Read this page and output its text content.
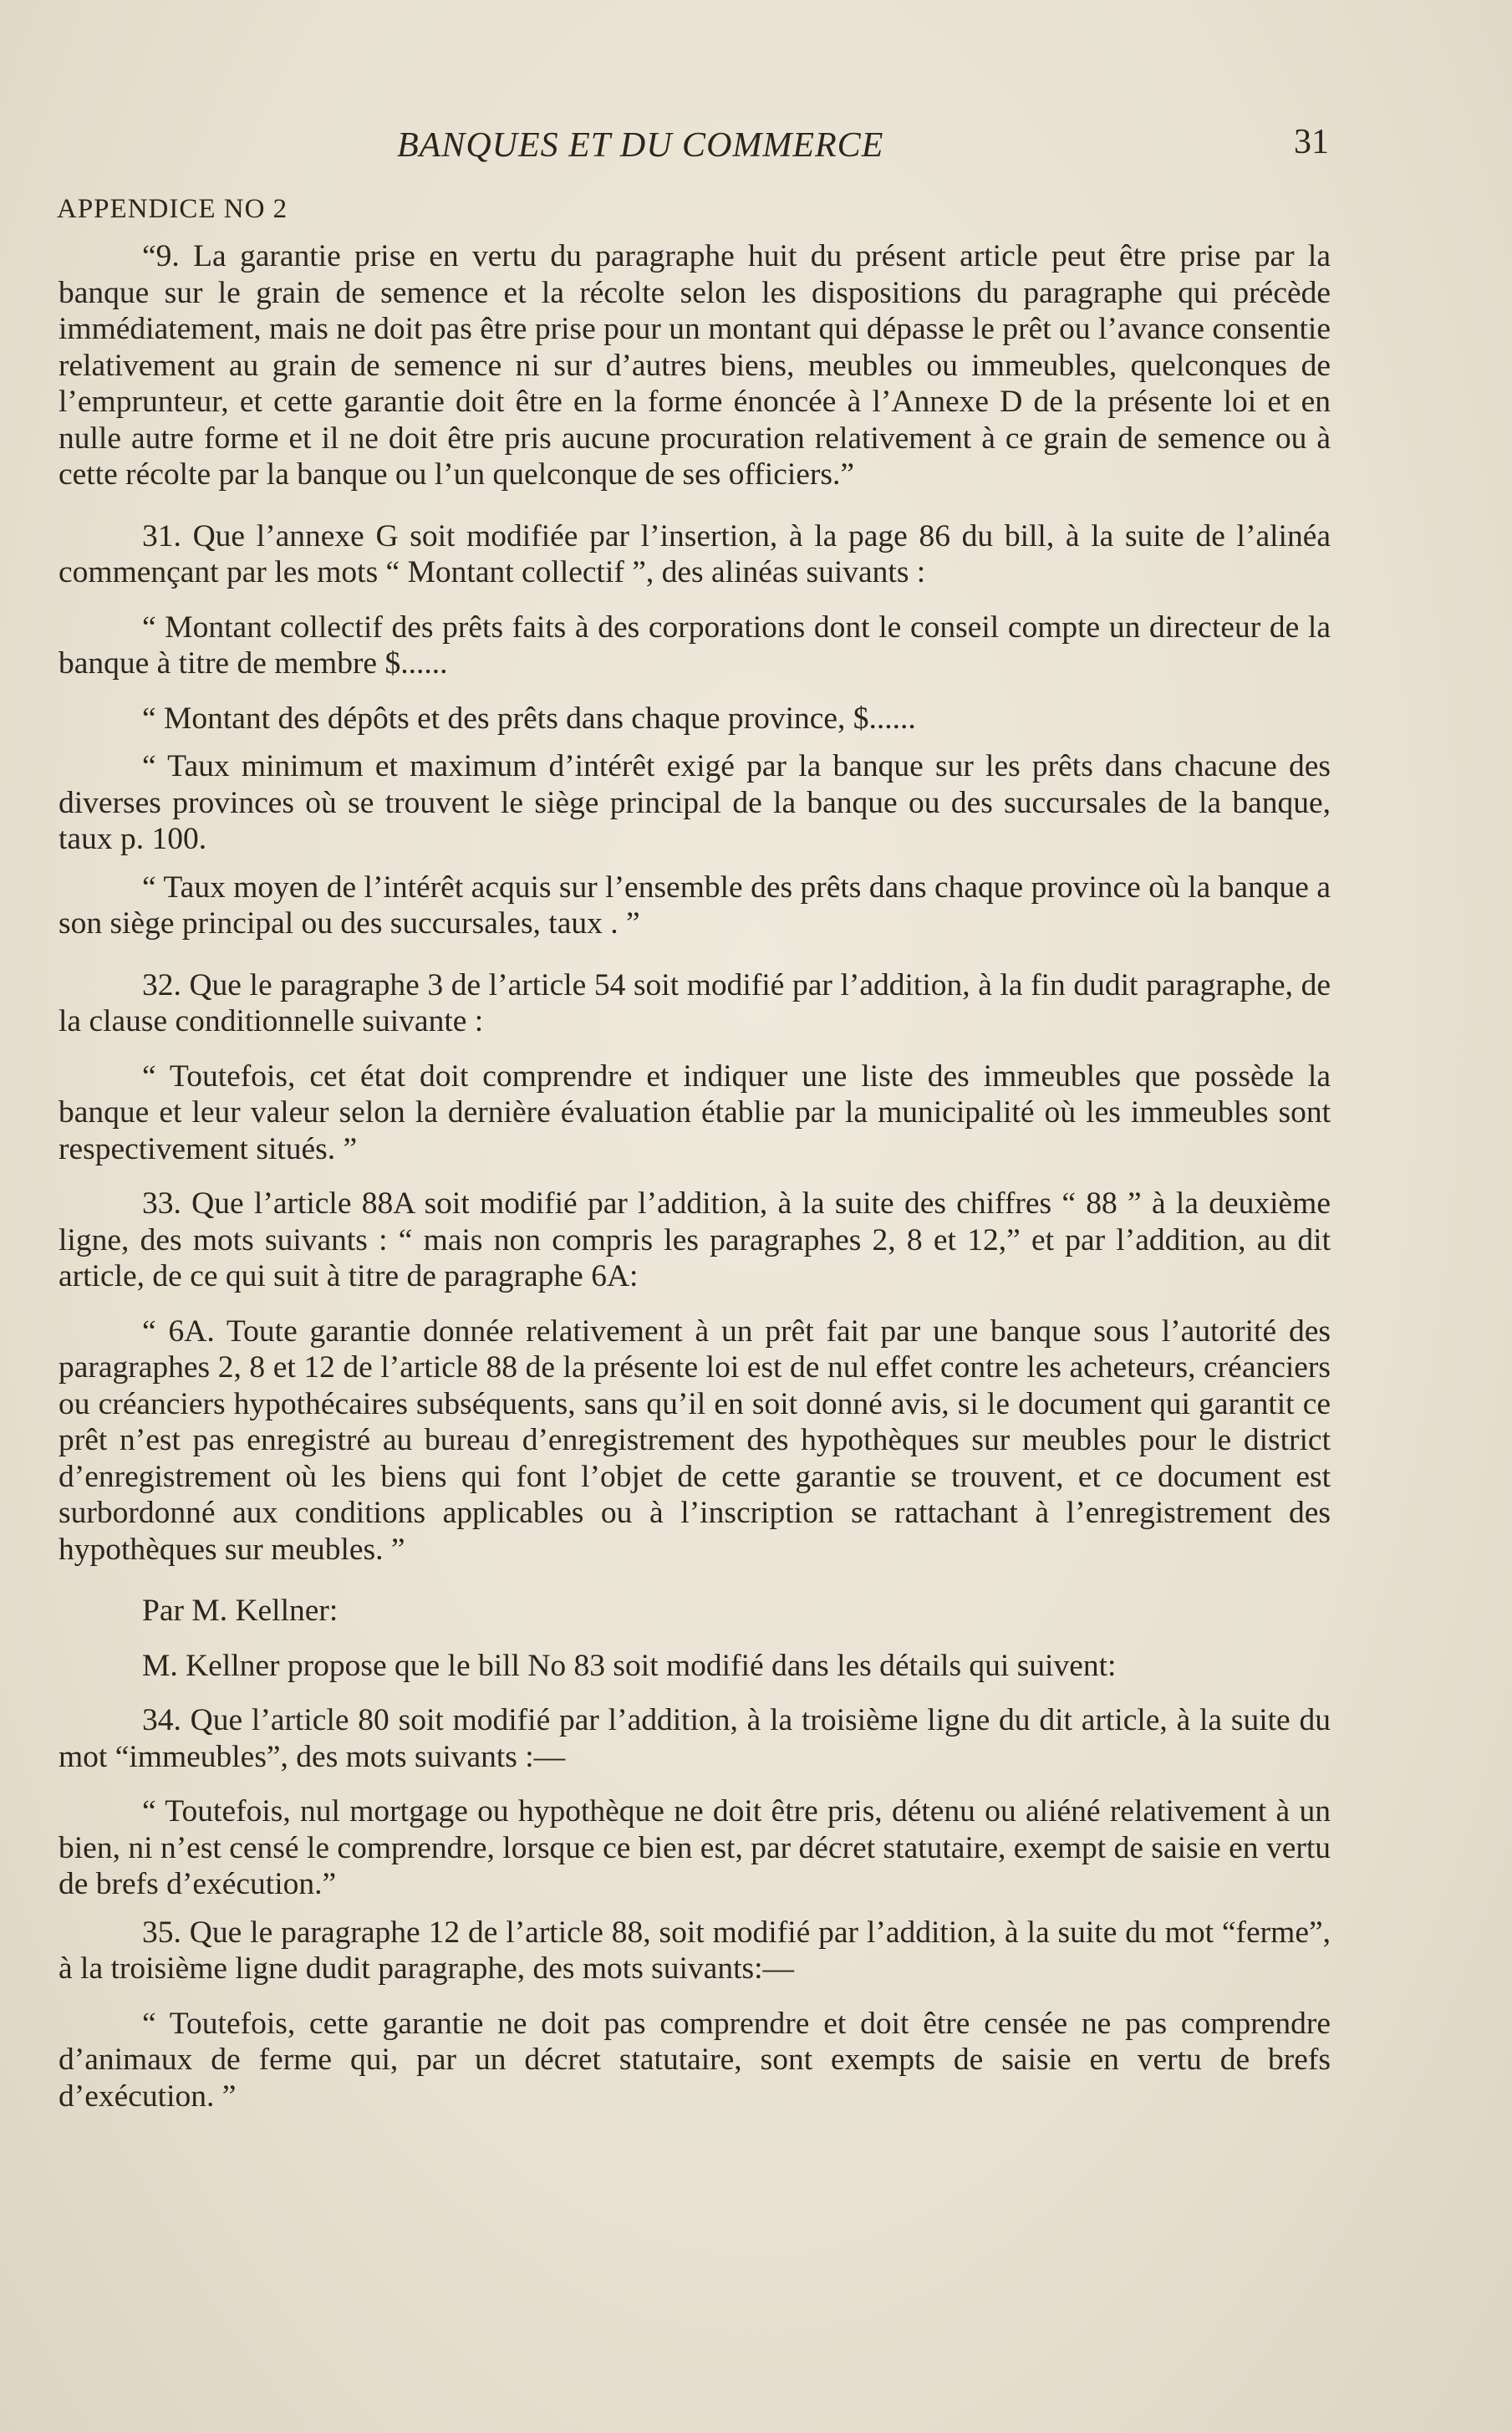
BANQUES ET DU COMMERCE	31
APPENDICE NO 2

“9. La garantie prise en vertu du paragraphe huit du présent article peut être prise par la banque sur le grain de semence et la récolte selon les dispositions du paragraphe qui précède immédiatement, mais ne doit pas être prise pour un montant qui dépasse le prêt ou l’avance consentie relativement au grain de semence ni sur d’autres biens, meubles ou immeubles, quelconques de l’emprunteur, et cette garantie doit être en la forme énoncée à l’Annexe D de la présente loi et en nulle autre forme et il ne doit être pris aucune procuration relativement à ce grain de semence ou à cette récolte par la banque ou l’un quelconque de ses officiers.”

31. Que l’annexe G soit modifiée par l’insertion, à la page 86 du bill, à la suite de l’alinéa commençant par les mots “ Montant collectif ”, des alinéas suivants :

“ Montant collectif des prêts faits à des corporations dont le conseil compte un directeur de la banque à titre de membre $......

“ Montant des dépôts et des prêts dans chaque province, $......

“ Taux minimum et maximum d’intérêt exigé par la banque sur les prêts dans chacune des diverses provinces où se trouvent le siège principal de la banque ou des succursales de la banque, taux p. 100.

“ Taux moyen de l’intérêt acquis sur l’ensemble des prêts dans chaque province où la banque a son siège principal ou des succursales, taux . ”

32. Que le paragraphe 3 de l’article 54 soit modifié par l’addition, à la fin dudit paragraphe, de la clause conditionnelle suivante :

“ Toutefois, cet état doit comprendre et indiquer une liste des immeubles que possède la banque et leur valeur selon la dernière évaluation établie par la municipalité où les immeubles sont respectivement situés. ”

33. Que l’article 88A soit modifié par l’addition, à la suite des chiffres “ 88 ” à la deuxième ligne, des mots suivants : “ mais non compris les paragraphes 2, 8 et 12,” et par l’addition, au dit article, de ce qui suit à titre de paragraphe 6A:

“ 6A. Toute garantie donnée relativement à un prêt fait par une banque sous l’autorité des paragraphes 2, 8 et 12 de l’article 88 de la présente loi est de nul effet contre les acheteurs, créanciers ou créanciers hypothécaires subséquents, sans qu’il en soit donné avis, si le document qui garantit ce prêt n’est pas enregistré au bureau d’enregistrement des hypothèques sur meubles pour le district d’enregistrement où les biens qui font l’objet de cette garantie se trouvent, et ce document est surbordonné aux conditions applicables ou à l’inscription se rattachant à l’enregistrement des hypothèques sur meubles. ”

Par M. Kellner:

M. Kellner propose que le bill No 83 soit modifié dans les détails qui suivent:

34. Que l’article 80 soit modifié par l’addition, à la troisième ligne du dit article, à la suite du mot “immeubles”, des mots suivants :—

“ Toutefois, nul mortgage ou hypothèque ne doit être pris, détenu ou aliéné relativement à un bien, ni n’est censé le comprendre, lorsque ce bien est, par décret statutaire, exempt de saisie en vertu de brefs d’exécution.”

35. Que le paragraphe 12 de l’article 88, soit modifié par l’addition, à la suite du mot “ferme”, à la troisième ligne dudit paragraphe, des mots suivants:—

“ Toutefois, cette garantie ne doit pas comprendre et doit être censée ne pas comprendre d’animaux de ferme qui, par un décret statutaire, sont exempts de saisie en vertu de brefs d’exécution. ”
